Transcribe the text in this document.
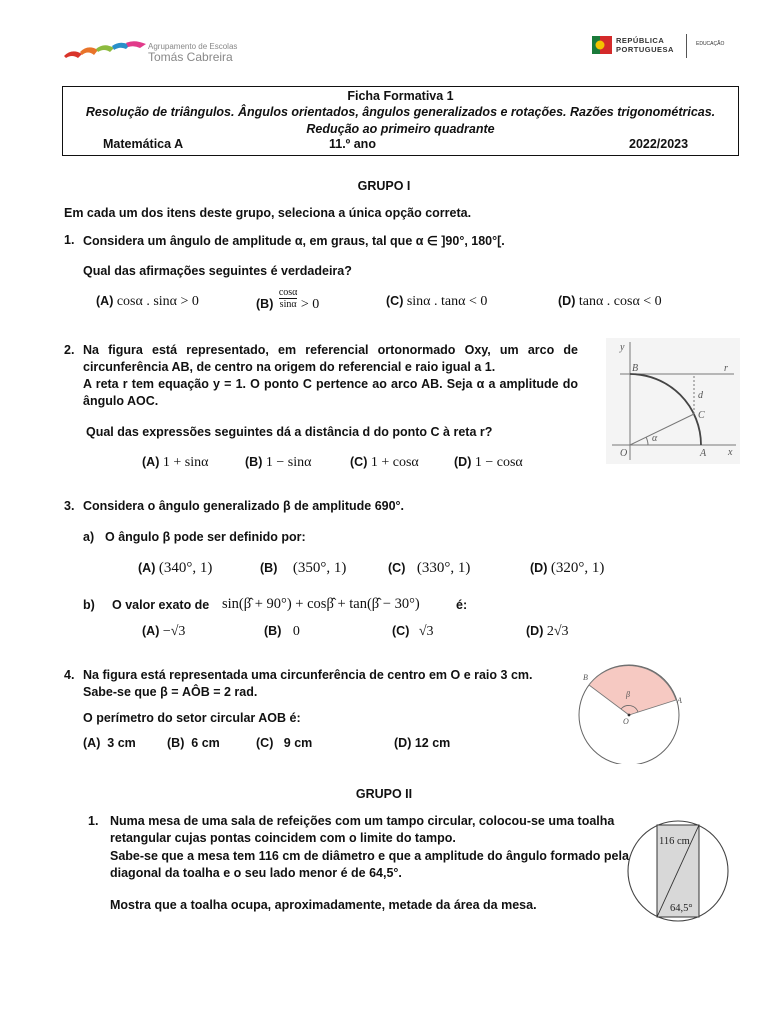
Agrupamento de Escolas
Tomás Cabreira
REPÚBLICA
PORTUGUESA
EDUCAÇÃO
Ficha Formativa 1
Resolução de triângulos. Ângulos orientados, ângulos generalizados e rotações. Razões trigonométricas.
Redução ao primeiro quadrante
Matemática A	11.º ano	2022/2023
GRUPO I
Em cada um dos itens deste grupo, seleciona a única opção correta.
1. Considera um ângulo de amplitude α, em graus, tal que α ∈ ]90°, 180°[.
Qual das afirmações seguintes é verdadeira?
(A) cosα . sinα > 0	$(B) \frac{\cos\alpha}{\sin\alpha} > 0$	(C) sinα . tanα < 0	(D) tanα . cosα < 0
2. Na figura está representado, em referencial ortonormado Oxy, um arco de
circunferência AB, de centro na origem do referencial e raio igual a 1.
A reta r tem equação y = 1. O ponto C pertence ao arco AB. Seja α a amplitude do
ângulo AOC.
Qual das expressões seguintes dá a distância d do ponto C à reta r?
(A) 1 + sinα	(B) 1 − sinα	(C) 1 + cosα	(D) 1 − cosα
y
x
B	r
d
C
α
O	A
3. Considera o ângulo generalizado β de amplitude 690°.
a) O ângulo β pode ser definido por:
(A) (340°, 1)	(B) (350°, 1)	(C) (330°, 1)	(D) (320°, 1)
b) O valor exato de sin(β̂ + 90°) + cosβ̂ + tan(β̂ − 30°)	é:
(A) −√3	(B) 0	(C) √3	(D) 2√3
4. Na figura está representada uma circunferência de centro em O e raio 3 cm.
Sabe-se que β = AÔB = 2 rad.
O perímetro do setor circular AOB é:
(A)  3 cm (B)  6 cm	(C)   9 cm	(D) 12 cm
B
A
O
β
GRUPO II
1. Numa mesa de uma sala de refeições com um tampo circular, colocou-se uma toalha
retangular cujas pontas coincidem com o limite do tampo.
Sabe-se que a mesa tem 116 cm de diâmetro e que a amplitude do ângulo formado pela
diagonal da toalha e o seu lado menor é de 64,5°.
Mostra que a toalha ocupa, aproximadamente, metade da área da mesa.
116 cm
64,5°
